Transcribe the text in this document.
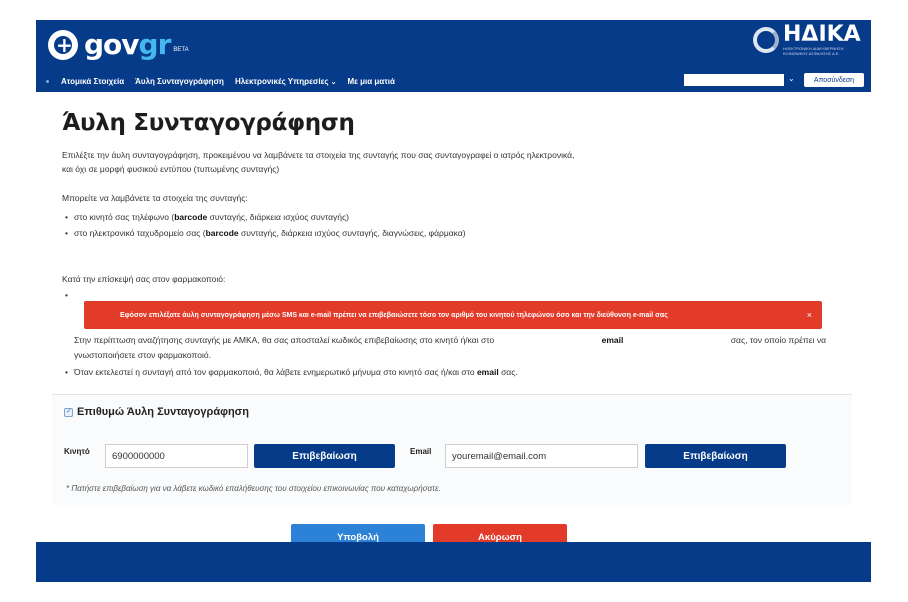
+
govgr BETA
ΗΔΙΚΑ
ΗΛΕΚΤΡΟΝΙΚΗ ΔΙΑΚΥΒΕΡΝΗΣΗ ΚΟΙΝΩΝΙΚΗΣ ΑΣΦΑΛΙΣΗΣ Α.Ε.
Ατομικά Στοιχεία Άυλη Συνταγογράφηση Ηλεκτρονικές Υπηρεσίες ⌄ Με μια ματιά	⌄	Αποσύνδεση
Άυλη Συνταγογράφηση
Επιλέξτε την άυλη συνταγογράφηση, προκειμένου να λαμβάνετε τα στοιχεία της συνταγής που σας συνταγογραφεί ο ιατρός ηλεκτρονικά,
και όχι σε μορφή φυσικού εντύπου (τυπωμένης συνταγής)
Μπορείτε να λαμβάνετε τα στοιχεία της συνταγής:
• στο κινητό σας τηλέφωνο (barcode συνταγής, διάρκεια ισχύος συνταγής)
• στο ηλεκτρονικό ταχυδρομείο σας (barcode συνταγής, διάρκεια ισχύος συνταγής, διαγνώσεις, φάρμακα)
Κατά την επίσκεψή σας στον φαρμακοποιό:
Στην περίπτωση αναζήτησης συνταγής με ΑΜΚΑ, θα σας αποσταλεί κωδικός επιβεβαίωσης στο κινητό ή/και στο	email	σας, τον οποίο πρέπει να
γνωστοποιήσετε στον φαρμακοποιό.
• Όταν εκτελεστεί η συνταγή από τον φαρμακοποιό, θα λάβετε ενημερωτικό μήνυμα στο κινητό σας ή/και στο email σας.
Εφόσον επιλέξατε άυλη συνταγογράφηση μέσω SMS και e-mail πρέπει να επιβεβαιώσετε τόσο τον αριθμό του κινητού τηλεφώνου όσο και την διεύθυνση e-mail σας	×
✓
Επιθυμώ Άυλη Συνταγογράφηση
Κινητό	6900000000	Επιβεβαίωση	Email	youremail@email.com	Επιβεβαίωση
* Πατήστε επιβεβαίωση για να λάβετε κωδικό επαλήθευσης του στοιχείου επικοινωνίας που καταχωρήσατε.
Υποβολή	Ακύρωση
